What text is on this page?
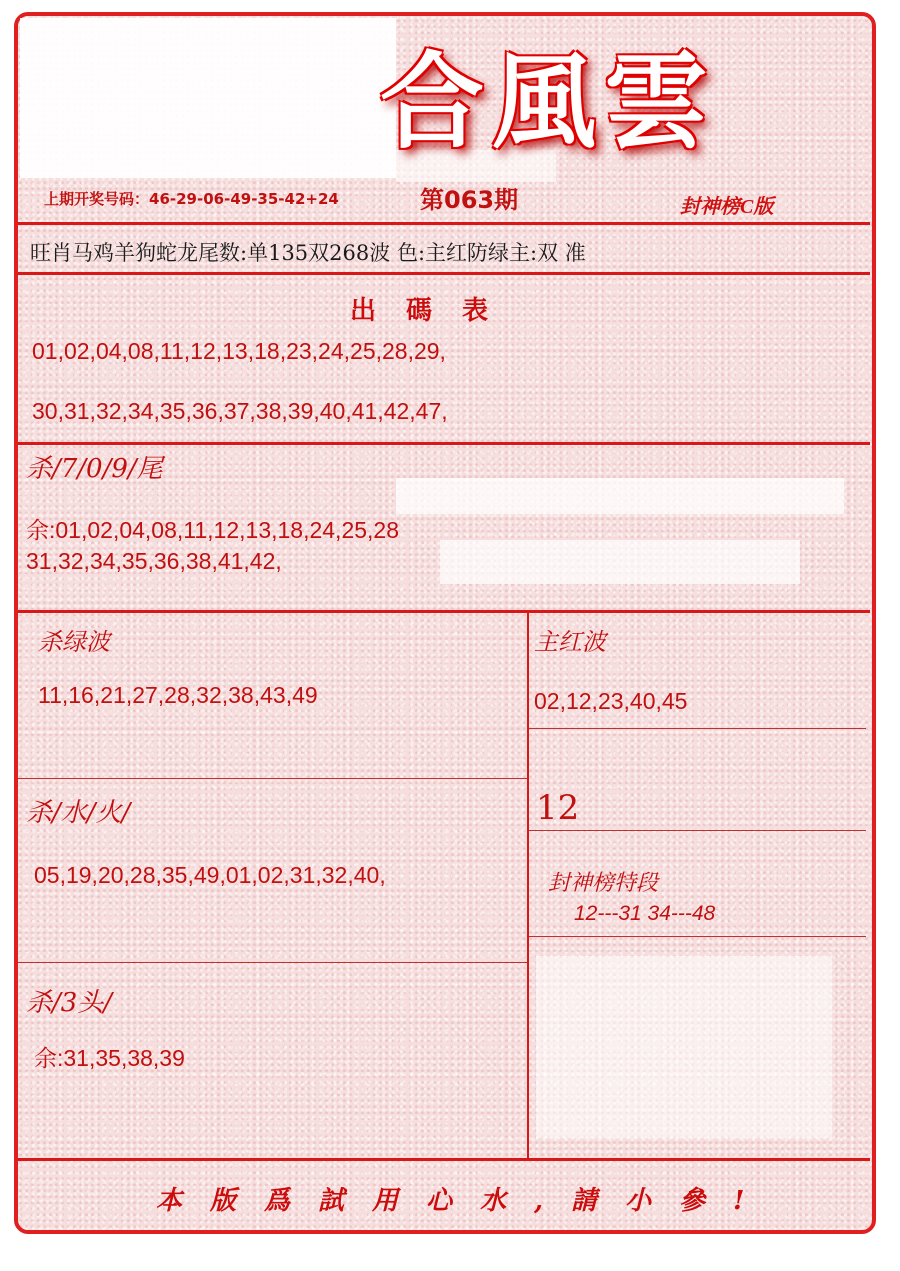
合風雲
封神榜C版
上期开奖号码：46-29-06-49-35-42+24	第063期
旺肖马鸡羊狗蛇龙尾数:单135双268波 色:主红防绿主:双 准
出碼表
01,02,04,08,11,12,13,18,23,24,25,28,29,
30,31,32,34,35,36,37,38,39,40,41,42,47,
杀/7/0/9/尾
余:01,02,04,08,11,12,13,18,24,25,28
31,32,34,35,36,38,41,42,
杀绿波
11,16,21,27,28,32,38,43,49
主红波
02,12,23,40,45
杀/水/火/
05,19,20,28,35,49,01,02,31,32,40,
12
封神榜特段
12---31 34---48
杀/3头/
余:31,35,38,39
本版爲試用心水,請小參!
